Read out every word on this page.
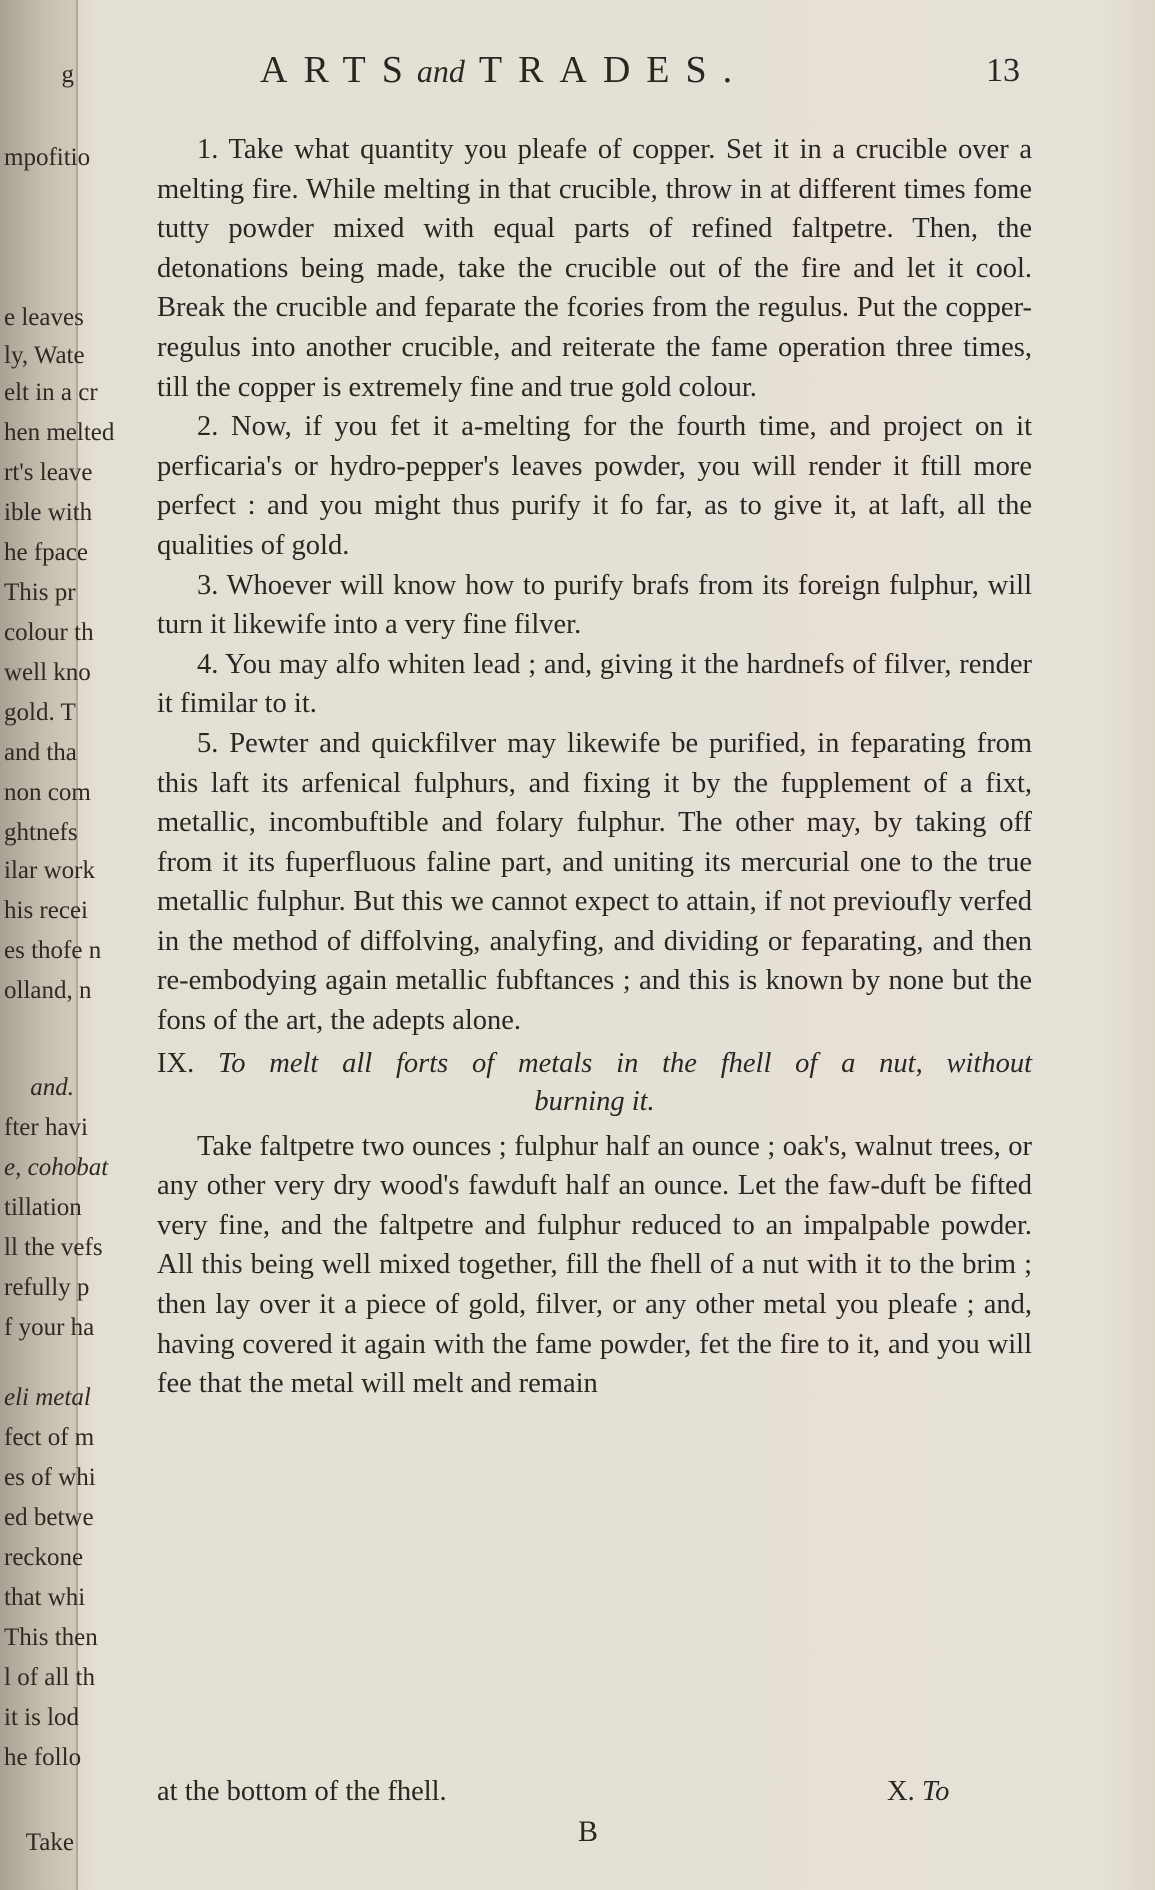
g
mpofitio
e leaves
ly, Wate
elt in a cr
hen melted
rt's leave
ible with
he fpace
This pr
colour th
well kno
gold. T
and tha
non com
ghtnefs
ilar work
his recei
es thofe n
olland, n
and.
fter havi
e, cohobat
tillation
ll the vefs
refully p
f your ha
eli metal
fect of m
es of whi
ed betwe
reckone
that whi
This then
l of all th
it is lod
he follo
Take
ARTSand TRADES.	13

1. Take what quantity you pleafe of copper. Set it in a crucible over a melting fire. While melting in that crucible, throw in at different times fome tutty powder mixed with equal parts of refined faltpetre. Then, the detonations being made, take the crucible out of the fire and let it cool. Break the crucible and feparate the fcories from the regulus. Put the copper-regulus into another crucible, and reiterate the fame operation three times, till the copper is extremely fine and true gold colour.

2. Now, if you fet it a-melting for the fourth time, and project on it perficaria's or hydro-pepper's leaves powder, you will render it ftill more perfect : and you might thus purify it fo far, as to give it, at laft, all the qualities of gold.

3. Whoever will know how to purify brafs from its foreign fulphur, will turn it likewife into a very fine filver.

4. You may alfo whiten lead ; and, giving it the hardnefs of filver, render it fimilar to it.

5. Pewter and quickfilver may likewife be purified, in feparating from this laft its arfenical fulphurs, and fixing it by the fupplement of a fixt, metallic, incombuftible and folary fulphur. The other may, by taking off from it its fuperfluous faline part, and uniting its mercurial one to the true metallic fulphur. But this we cannot expect to attain, if not previoufly verfed in the method of diffolving, analyfing, and dividing or feparating, and then re-embodying again metallic fubftances ; and this is known by none but the fons of the art, the adepts alone.

IX. To melt all forts of metals in the fhell of a nut, without
burning it.

Take faltpetre two ounces ; fulphur half an ounce ; oak's, walnut trees, or any other very dry wood's fawduft half an ounce. Let the faw-duft be fifted very fine, and the faltpetre and fulphur reduced to an impalpable powder. All this being well mixed together, fill the fhell of a nut with it to the brim ; then lay over it a piece of gold, filver, or any other metal you pleafe ; and, having covered it again with the fame powder, fet the fire to it, and you will fee that the metal will melt and remain

at the bottom of the fhell.	X. To
B
